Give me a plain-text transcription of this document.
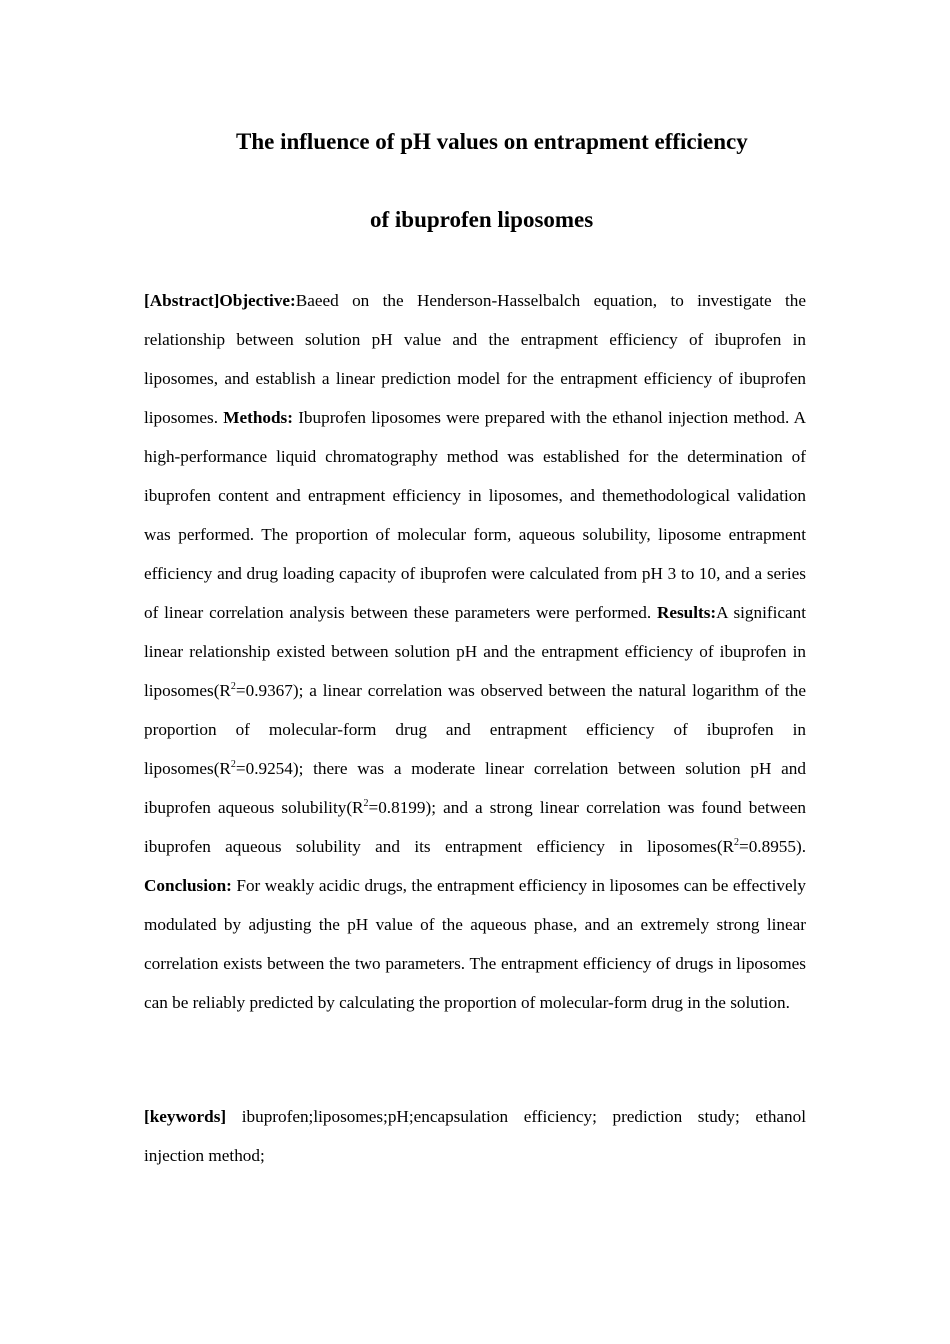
The influence of pH values on entrapment efficiency
of ibuprofen liposomes

[Abstract]Objective:Baeed on the Henderson-Hasselbalch equation, to investigate the relationship between solution pH value and the entrapment efficiency of ibuprofen in liposomes, and establish a linear prediction model for the entrapment efficiency of ibuprofen liposomes. Methods: Ibuprofen liposomes were prepared with the ethanol injection method. A high-performance liquid chromatography method was established for the determination of ibuprofen content and entrapment efficiency in liposomes, and themethodological validation was performed. The proportion of molecular form, aqueous solubility, liposome entrapment efficiency and drug loading capacity of ibuprofen were calculated from pH 3 to 10, and a series of linear correlation analysis between these parameters were performed. Results:A significant linear relationship existed between solution pH and the entrapment efficiency of ibuprofen in $liposomes(R^2=0.9367)$; a linear correlation was observed between the natural logarithm of the proportion of molecular-form drug and entrapment efficiency of ibuprofen in $liposomes(R^2=0.9254)$; there was a moderate linear correlation between solution pH and ibuprofen aqueous $solubility(R^2=0.8199)$; and a strong linear correlation was found between ibuprofen aqueous solubility and its entrapment efficiency in $liposomes(R^2=0.8955)$. Conclusion: For weakly acidic drugs, the entrapment efficiency in liposomes can be effectively modulated by adjusting the pH value of the aqueous phase, and an extremely strong linear correlation exists between the two parameters. The entrapment efficiency of drugs in liposomes can be reliably predicted by calculating the proportion of molecular-form drug in the solution.

[keywords] ibuprofen;liposomes;pH;encapsulation efficiency; prediction study; ethanol injection method;
